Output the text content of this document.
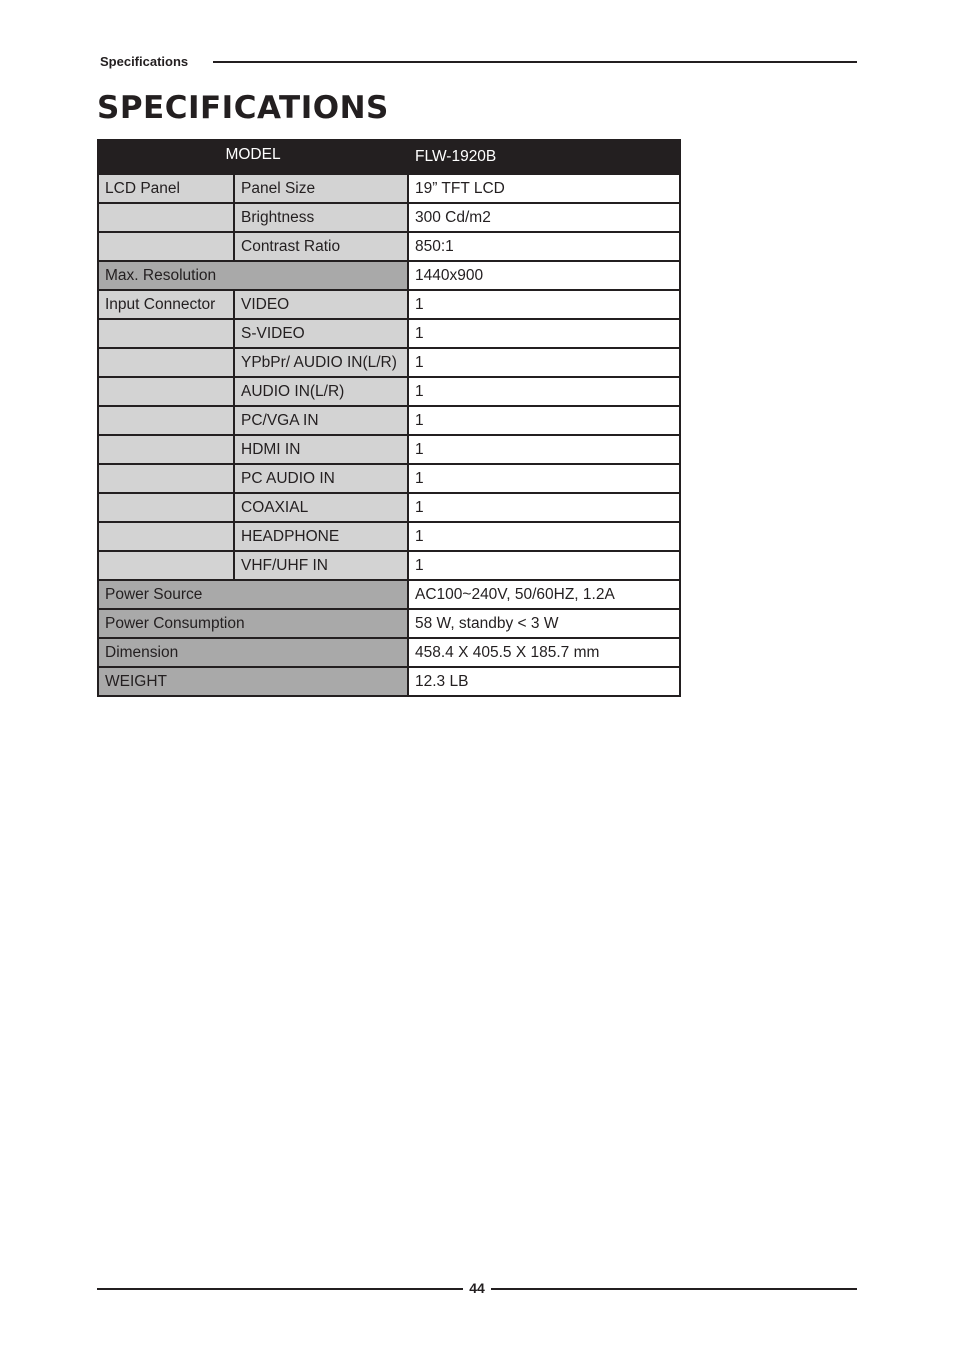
Specifications
SPECIFICATIONS
MODEL		FLW-1920B
LCD Panel	Panel Size	19” TFT LCD
	Brightness	300 Cd/m2
	Contrast Ratio	850:1
Max. Resolution		1440x900
Input Connector	VIDEO	1
	S-VIDEO	1
	YPbPr/ AUDIO IN(L/R)	1
	AUDIO IN(L/R)	1
	PC/VGA IN	1
	HDMI IN	1
	PC AUDIO IN	1
	COAXIAL	1
	HEADPHONE	1
	VHF/UHF IN	1
Power Source		AC100~240V, 50/60HZ, 1.2A
Power Consumption		58 W, standby < 3 W
Dimension		458.4 X 405.5 X 185.7 mm
WEIGHT		12.3 LB
44
